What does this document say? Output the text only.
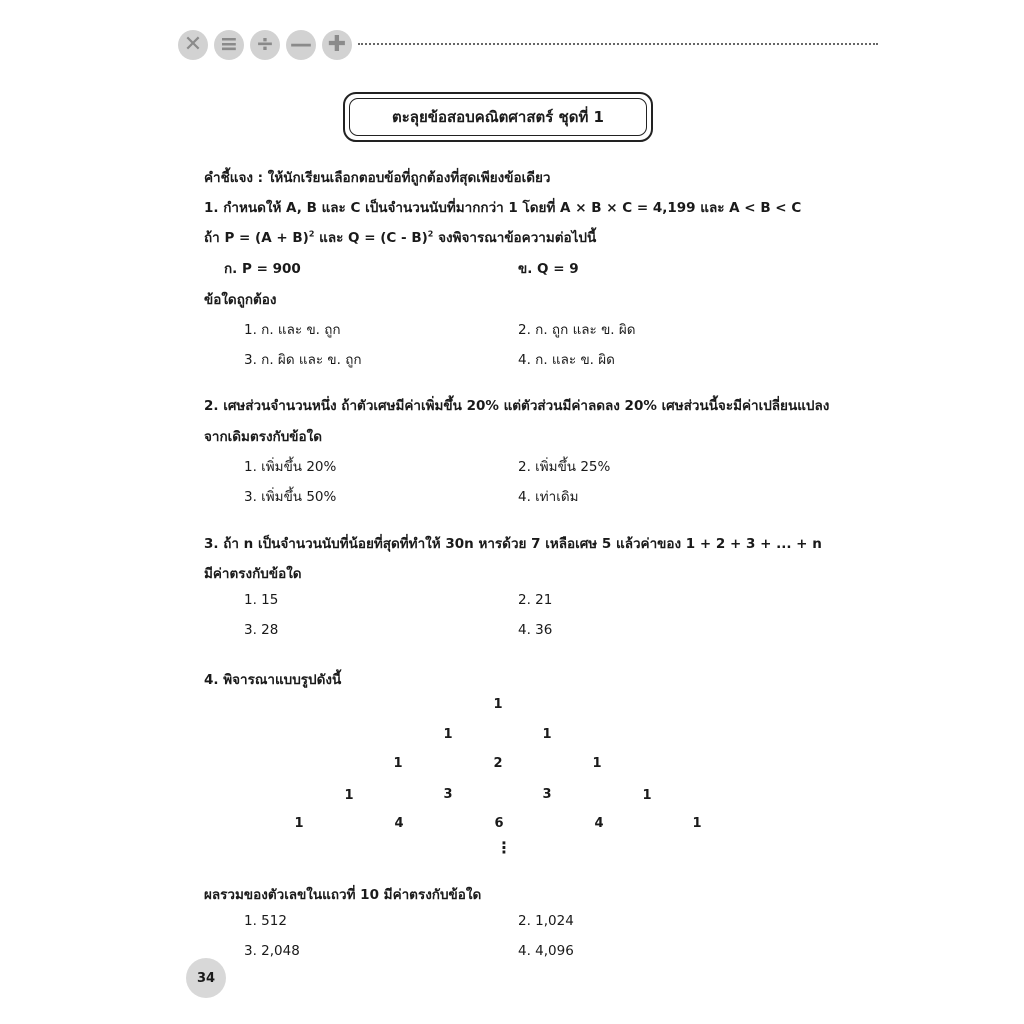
✕ ≡ ÷ — ✚
ตะลุยข้อสอบคณิตศาสตร์ ชุดที่ 1
คำชี้แจง : ให้นักเรียนเลือกตอบข้อที่ถูกต้องที่สุดเพียงข้อเดียว
1. กำหนดให้ A, B และ C เป็นจำนวนนับที่มากกว่า 1 โดยที่ A × B × C = 4,199 และ A < B < C
ถ้า $P = (A + B)^2$ และ Q = (C - B)$^2$ จงพิจารณาข้อความต่อไปนี้
ก. P = 900	ข. Q = 9
ข้อใดถูกต้อง
1. ก. และ ข. ถูก	2. ก. ถูก และ ข. ผิด
3. ก. ผิด และ ข. ถูก	4. ก. และ ข. ผิด
2. เศษส่วนจำนวนหนึ่ง ถ้าตัวเศษมีค่าเพิ่มขึ้น 20% แต่ตัวส่วนมีค่าลดลง 20% เศษส่วนนี้จะมีค่าเปลี่ยนแปลง
จากเดิมตรงกับข้อใด
1. เพิ่มขึ้น 20%	2. เพิ่มขึ้น 25%
3. เพิ่มขึ้น 50%	4. เท่าเดิม
3. ถ้า n เป็นจำนวนนับที่น้อยที่สุดที่ทำให้ 30n หารด้วย 7 เหลือเศษ 5 แล้วค่าของ 1 + 2 + 3 + ... + n
มีค่าตรงกับข้อใด
1. 15	2. 21
3. 28	4. 36
4. พิจารณาแบบรูปดังนี้
1
1	1
1	2	1
1	3	3	1
1	4	6	4	1
⋮
ผลรวมของตัวเลขในแถวที่ 10 มีค่าตรงกับข้อใด
1. 512	2. 1,024
3. 2,048	4. 4,096
34
